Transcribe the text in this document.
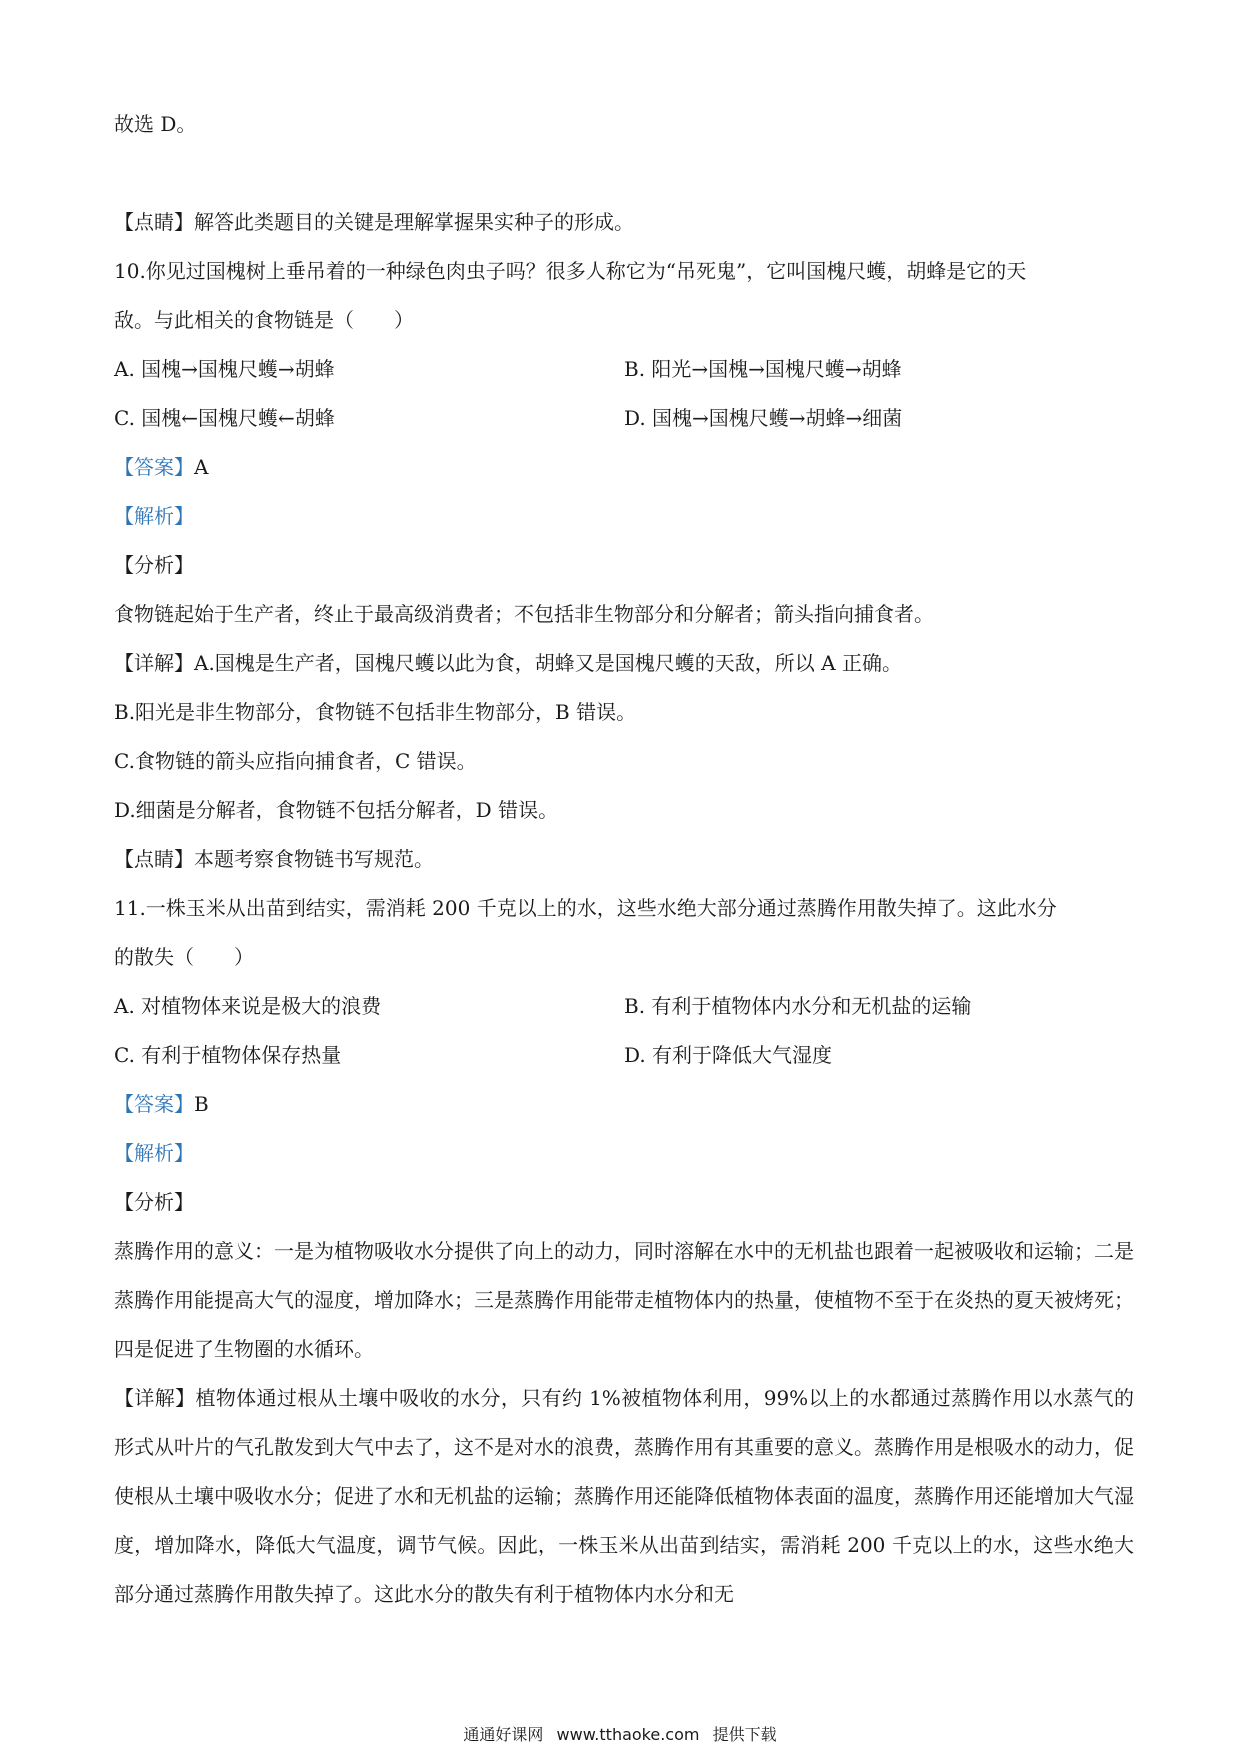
故选 D。

【点睛】解答此类题目的关键是理解掌握果实种子的形成。

10.你见过国槐树上垂吊着的一种绿色肉虫子吗？很多人称它为“吊死鬼”，它叫国槐尺蠖，胡蜂是它的天

敌。与此相关的食物链是（　　）

A. 国槐→国槐尺蠖→胡蜂	B. 阳光→国槐→国槐尺蠖→胡蜂
C. 国槐←国槐尺蠖←胡蜂	D. 国槐→国槐尺蠖→胡蜂→细菌

【答案】A

【解析】

【分析】

食物链起始于生产者，终止于最高级消费者；不包括非生物部分和分解者；箭头指向捕食者。

【详解】A.国槐是生产者，国槐尺蠖以此为食，胡蜂又是国槐尺蠖的天敌，所以 A 正确。

B.阳光是非生物部分，食物链不包括非生物部分，B 错误。

C.食物链的箭头应指向捕食者，C 错误。

D.细菌是分解者，食物链不包括分解者，D 错误。

【点睛】本题考察食物链书写规范。

11.一株玉米从出苗到结实，需消耗 200 千克以上的水，这些水绝大部分通过蒸腾作用散失掉了。这此水分

的散失（　　）

A. 对植物体来说是极大的浪费	B. 有利于植物体内水分和无机盐的运输
C. 有利于植物体保存热量	D. 有利于降低大气湿度

【答案】B

【解析】

【分析】

蒸腾作用的意义：一是为植物吸收水分提供了向上的动力，同时溶解在水中的无机盐也跟着一起被吸收和运输；二是蒸腾作用能提高大气的湿度，增加降水；三是蒸腾作用能带走植物体内的热量，使植物不至于在炎热的夏天被烤死；四是促进了生物圈的水循环。

【详解】植物体通过根从土壤中吸收的水分，只有约 1%被植物体利用，99%以上的水都通过蒸腾作用以水蒸气的形式从叶片的气孔散发到大气中去了，这不是对水的浪费，蒸腾作用有其重要的意义。蒸腾作用是根吸水的动力，促使根从土壤中吸收水分；促进了水和无机盐的运输；蒸腾作用还能降低植物体表面的温度，蒸腾作用还能增加大气湿度，增加降水，降低大气温度，调节气候。因此，一株玉米从出苗到结实，需消耗 200 千克以上的水，这些水绝大部分通过蒸腾作用散失掉了。这此水分的散失有利于植物体内水分和无

通通好课网 www.tthaoke.com 提供下载
